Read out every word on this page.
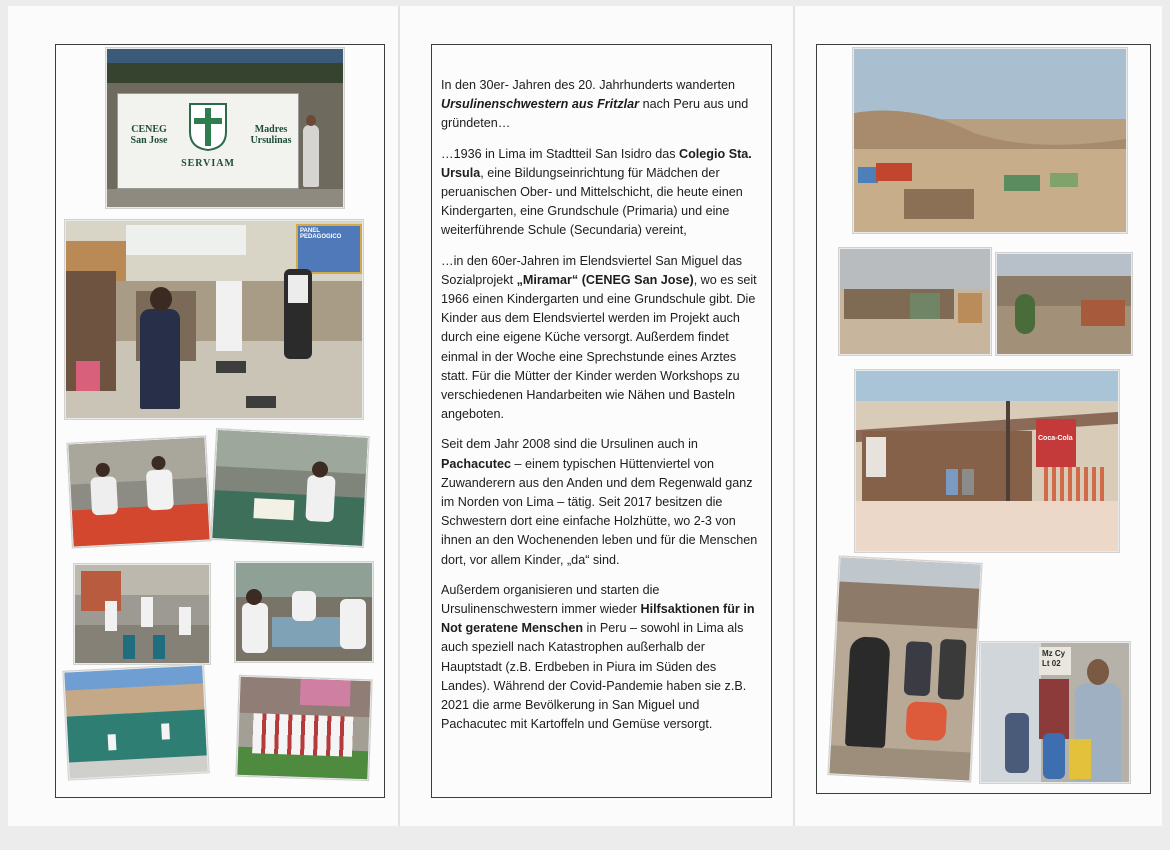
CENEG
San Jose
Madres
Ursulinas
SERVIAM
PANEL PEDAGOGICO

In den 30er- Jahren des 20. Jahrhunderts wanderten Ursulinenschwestern aus Fritzlar nach Peru aus und gründeten…

…1936 in Lima im Stadtteil San Isidro das Colegio Sta. Ursula, eine Bildungseinrichtung für Mädchen der peruanischen Ober- und Mittelschicht, die heute einen Kindergarten, eine Grundschule (Primaria) und eine weiterführende Schule (Secundaria) vereint,

…in den 60er-Jahren im Elendsviertel San Miguel das Sozialprojekt „Miramar“ (CENEG San Jose), wo es seit 1966 einen Kindergarten und eine Grundschule gibt. Die Kinder aus dem Elendsviertel werden im Projekt auch durch eine eigene Küche versorgt. Außerdem findet einmal in der Woche eine Sprechstunde eines Arztes statt. Für die Mütter der Kinder werden Workshops zu verschiedenen Handarbeiten wie Nähen und Basteln angeboten.

Seit dem Jahr 2008 sind die Ursulinen auch in Pachacutec – einem typischen Hüttenviertel von Zuwanderern aus den Anden und dem Regenwald ganz im Norden von Lima – tätig. Seit 2017 besitzen die Schwestern dort eine einfache Holzhütte, wo 2-3 von ihnen an den Wochenenden leben und für die Menschen dort, vor allem Kinder, „da“ sind.

Außerdem organisieren und starten die Ursulinenschwestern immer wieder Hilfsaktionen für in Not geratene Menschen in Peru – sowohl in Lima als auch speziell nach Katastrophen außerhalb der Hauptstadt (z.B. Erdbeben in Piura im Süden des Landes). Während der Covid-Pandemie haben sie z.B. 2021 die arme Bevölkerung in San Miguel und Pachacutec mit Kartoffeln und Gemüse versorgt.

Coca-Cola
Mz Cy
Lt 02
